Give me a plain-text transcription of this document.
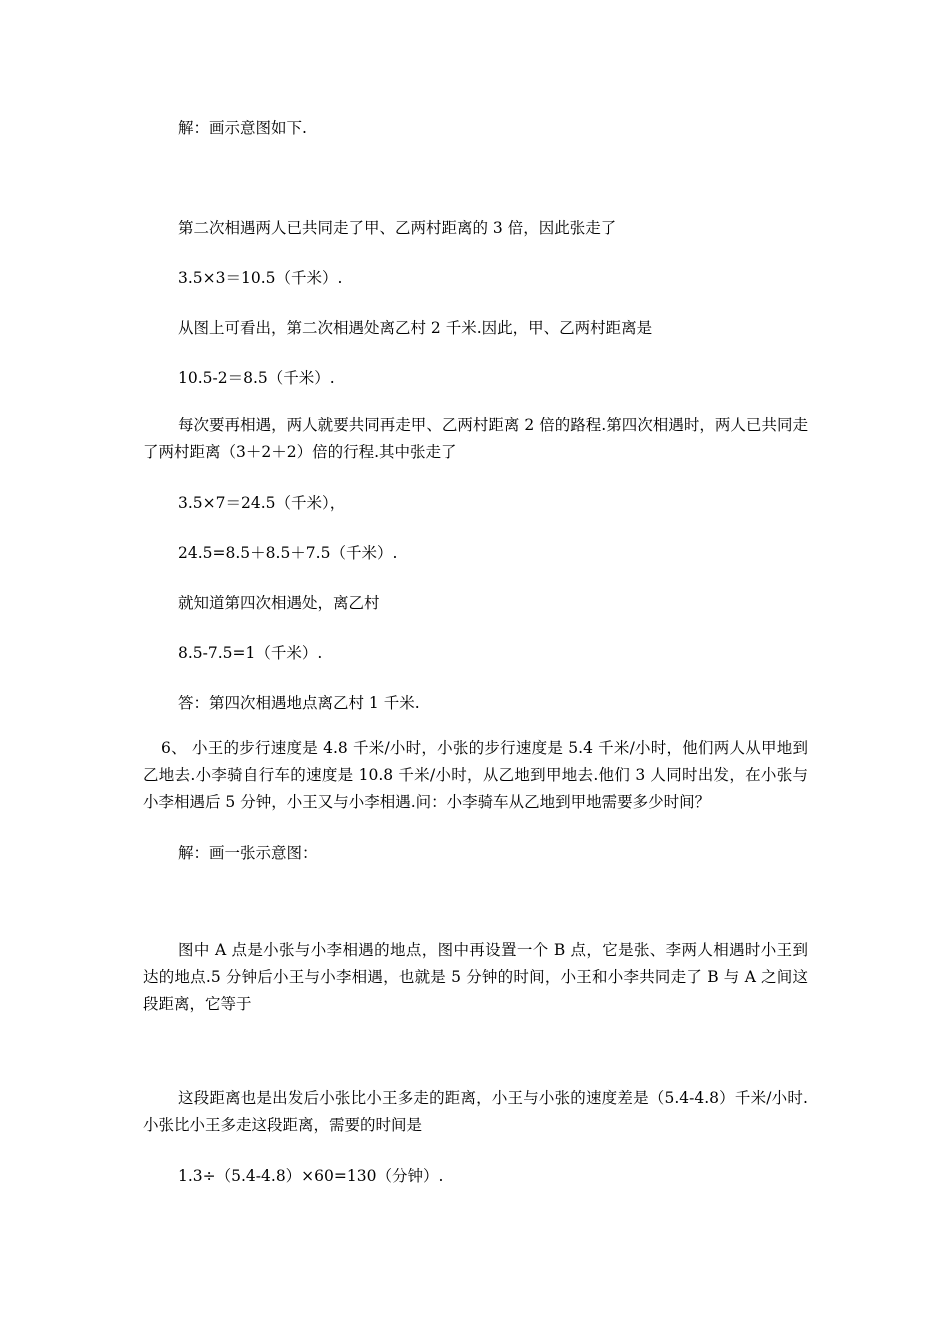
解：画示意图如下.
第二次相遇两人已共同走了甲、乙两村距离的 3 倍，因此张走了
3.5×3＝10.5（千米）.
从图上可看出，第二次相遇处离乙村 2 千米.因此，甲、乙两村距离是
10.5-2＝8.5（千米）.
每次要再相遇，两人就要共同再走甲、乙两村距离 2 倍的路程.第四次相遇时，两人已共同走了两村距离（3＋2＋2）倍的行程.其中张走了
3.5×7＝24.5（千米），
24.5=8.5＋8.5＋7.5（千米）.
就知道第四次相遇处，离乙村
8.5-7.5=1（千米）.
答：第四次相遇地点离乙村 1 千米.
6、 小王的步行速度是 4.8 千米/小时，小张的步行速度是 5.4 千米/小时，他们两人从甲地到乙地去.小李骑自行车的速度是 10.8 千米/小时，从乙地到甲地去.他们 3 人同时出发，在小张与小李相遇后 5 分钟，小王又与小李相遇.问：小李骑车从乙地到甲地需要多少时间？
解：画一张示意图：
图中 A 点是小张与小李相遇的地点，图中再设置一个 B 点，它是张、李两人相遇时小王到达的地点.5 分钟后小王与小李相遇，也就是 5 分钟的时间，小王和小李共同走了 B 与 A 之间这段距离，它等于
这段距离也是出发后小张比小王多走的距离，小王与小张的速度差是（5.4-4.8）千米/小时.小张比小王多走这段距离，需要的时间是
1.3÷（5.4-4.8）×60=130（分钟）.
